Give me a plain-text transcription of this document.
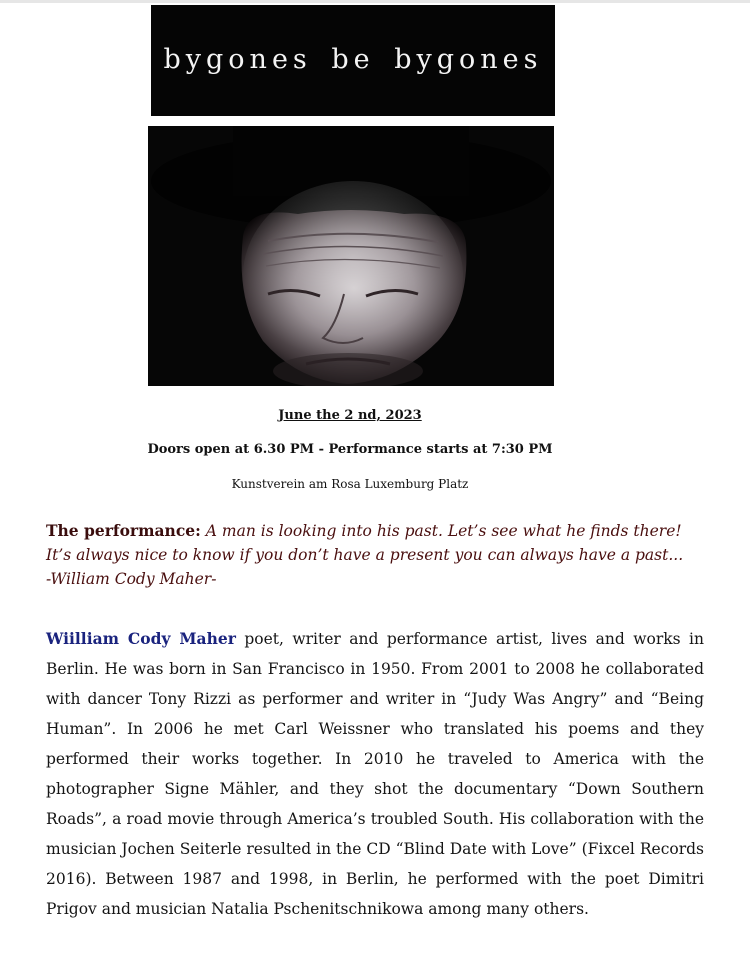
bygones be bygones
June the 2 nd, 2023
Doors open at 6.30 PM - Performance starts at 7:30 PM
Kunstverein am Rosa Luxemburg Platz
The performance: A man is looking into his past. Let’s see what he finds there! It’s always nice to know if you don’t have a present you can always have a past...
-William Cody Maher-
Wiilliam Cody Maher poet, writer and performance artist, lives and works in Berlin. He was born in San Francisco in 1950. From 2001 to 2008 he collaborated with dancer Tony Rizzi as performer and writer in “Judy Was Angry” and “Being Human”. In 2006 he met Carl Weissner who translated his poems and they performed their works together. In 2010 he traveled to America with the photographer Signe Mähler, and they shot the documentary “Down Southern Roads”, a road movie through America’s troubled South. His collaboration with the musician Jochen Seiterle resulted in the CD “Blind Date with Love” (Fixcel Records 2016). Between 1987 and 1998, in Berlin, he performed with the poet Dimitri Prigov and musician Natalia Pschenitschnikowa among many others.
